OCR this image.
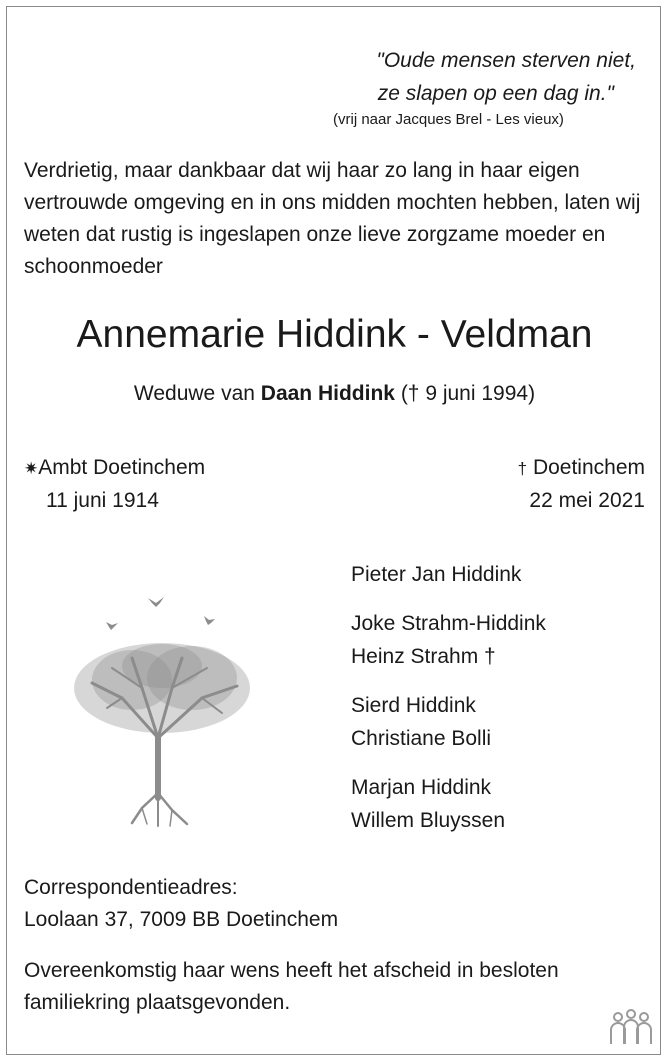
"Oude mensen sterven niet,
ze slapen op een dag in."
(vrij naar Jacques Brel - Les vieux)
Verdrietig, maar dankbaar dat wij haar zo lang in haar eigen vertrouwde omgeving en in ons midden mochten hebben, laten wij weten dat rustig is ingeslapen onze lieve zorgzame moeder en schoonmoeder
Annemarie Hiddink - Veldman
Weduwe van Daan Hiddink († 9 juni 1994)
✷Ambt Doetinchem
11 juni 1914
† Doetinchem
22 mei 2021
Pieter Jan Hiddink
Joke Strahm-Hiddink
Heinz Strahm †
Sierd Hiddink
Christiane Bolli
Marjan Hiddink
Willem Bluyssen
Correspondentieadres:
Loolaan 37, 7009 BB Doetinchem
Overeenkomstig haar wens heeft het afscheid in besloten familiekring plaatsgevonden.
